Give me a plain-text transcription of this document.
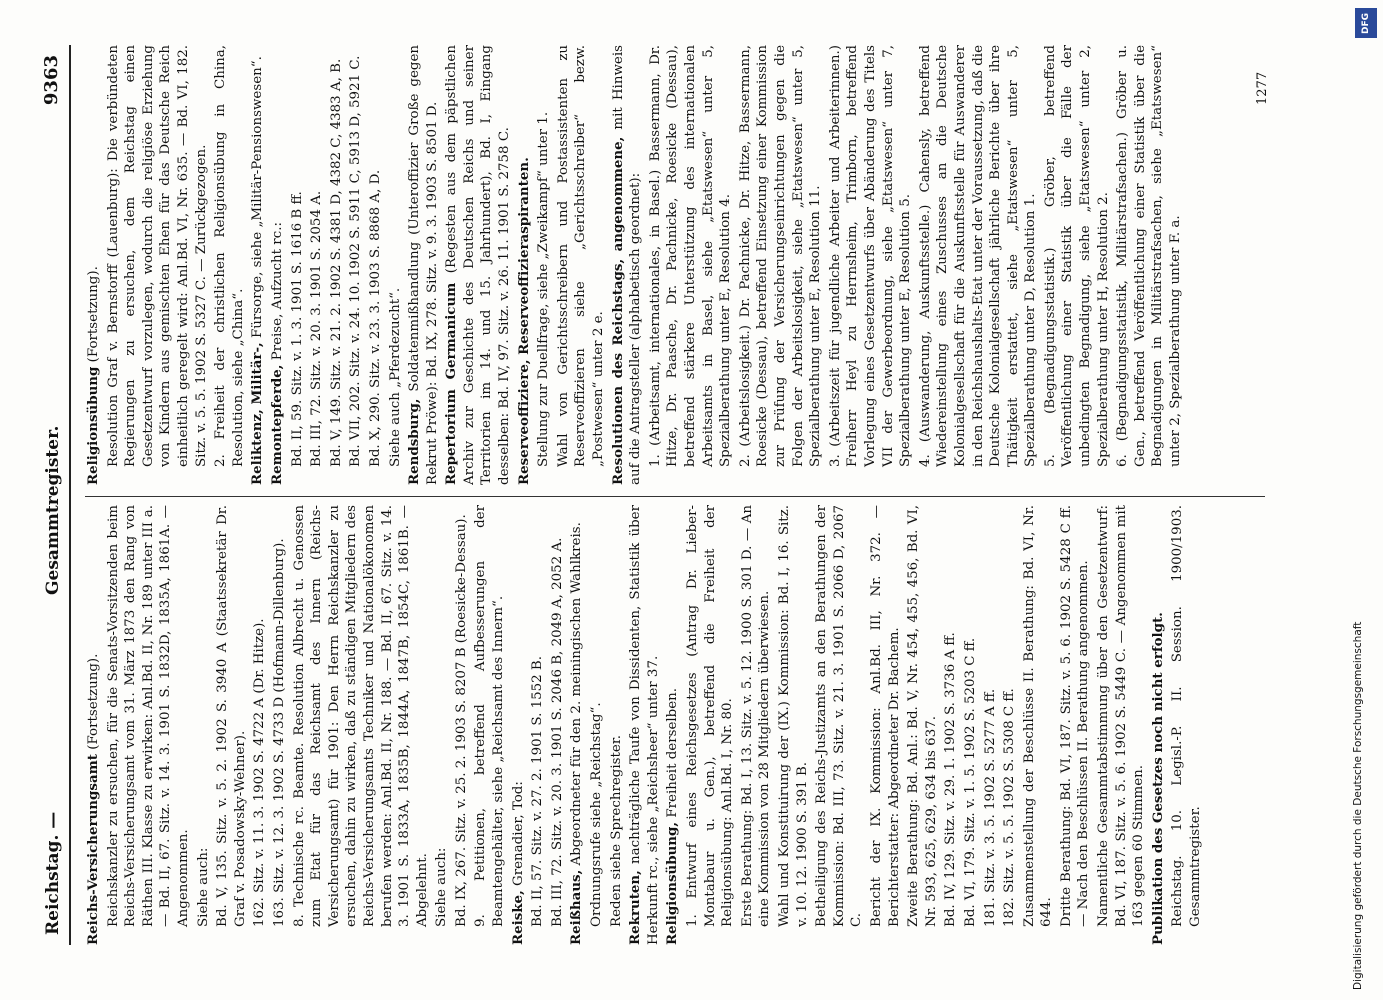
Reichstag. —
Gesammtregister.
9363

Reichs-Versicherungsamt (Fortsetzung). Reichskanzler zu ersuchen, für die Senats-Vorsitzenden beim Reichs-Versicherungsamt vom 31. März 1873 den Rang von Räthen III. Klasse zu erwirken: Anl.Bd. II, Nr. 189 unter III a. — Bd. II, 67. Sitz. v. 14. 3. 1901 S. 1832D, 1835A, 1861A. — Angenommen. Siehe auch: Bd. V, 135. Sitz. v. 5. 2. 1902 S. 3940 A (Staatssekretär Dr. Graf v. Posadowsky-Wehner). 162. Sitz. v. 11. 3. 1902 S. 4722 A (Dr. Hitze). 163. Sitz. v. 12. 3. 1902 S. 4733 D (Hofmann-Dillenburg). 8. Technische rc. Beamte. Resolution Albrecht u. Genossen zum Etat für das Reichsamt des Innern (Reichs-Versicherungsamt) für 1901: Den Herrn Reichskanzler zu ersuchen, dahin zu wirken, daß zu ständigen Mitgliedern des Reichs-Versicherungsamts Techniker und Nationalökonomen berufen werden: Anl.Bd. II, Nr. 188. — Bd. II, 67. Sitz. v. 14. 3. 1901 S. 1833A, 1835B, 1844A, 1847B, 1854C, 1861B. — Abgelehnt. Siehe auch: Bd. IX, 267. Sitz. v. 25. 2. 1903 S. 8207 B (Roesicke-Dessau). 9. Petitionen, betreffend Aufbesserungen der Beamtengehälter, siehe „Reichsamt des Innern“. Reiske, Grenadier, Tod: Bd. II, 57. Sitz. v. 27. 2. 1901 S. 1552 B. Bd. III, 72. Sitz. v. 20. 3. 1901 S. 2046 B, 2049 A, 2052 A. Reißhaus, Abgeordneter für den 2. meiningischen Wahlkreis. Ordnungsrufe siehe „Reichstag“. Reden siehe Sprechregister. Rekruten, nachträgliche Taufe von Dissidenten, Statistik über Herkunft rc., siehe „Reichsheer“ unter 37. Religionsübung, Freiheit derselben. 1. Entwurf eines Reichsgesetzes (Antrag Dr. Lieber-Montabaur u. Gen.), betreffend die Freiheit der Religionsübung: Anl.Bd. I, Nr. 80. Erste Berathung: Bd. I, 13. Sitz. v. 5. 12. 1900 S. 301 D. — An eine Kommission von 28 Mitgliedern überwiesen. Wahl und Konstituirung der (IX.) Kommission: Bd. I, 16. Sitz. v. 10. 12. 1900 S. 391 B. Betheiligung des Reichs-Justizamts an den Berathungen der Kommission: Bd. III, 73. Sitz. v. 21. 3. 1901 S. 2066 D, 2067 C. Bericht der IX. Kommission: Anl.Bd. III, Nr. 372. — Berichterstatter: Abgeordneter Dr. Bachem. Zweite Berathung: Bd. Anl.: Bd. V, Nr. 454, 455, 456, Bd. VI, Nr. 593, 625, 629, 634 bis 637. Bd. IV, 129. Sitz. v. 29. 1. 1902 S. 3736 A ff. Bd. VI, 179. Sitz. v. 1. 5. 1902 S. 5203 C ff. 181. Sitz. v. 3. 5. 1902 S. 5277 A ff. 182. Sitz. v. 5. 5. 1902 S. 5308 C ff. Zusammenstellung der Beschlüsse II. Berathung: Bd. VI, Nr. 644. Dritte Berathung: Bd. VI, 187. Sitz. v. 5. 6. 1902 S. 5428 C ff. — Nach den Beschlüssen II. Berathung angenommen. Namentliche Gesammtabstimmung über den Gesetzentwurf: Bd. VI, 187. Sitz. v. 5. 6. 1902 S. 5449 C. — Angenommen mit 163 gegen 60 Stimmen. Publikation des Gesetzes noch nicht erfolgt. Reichstag. 10. Legisl.-P. II. Session. 1900/1903. Gesammtregister.

Religionsübung (Fortsetzung). Resolution Graf v. Bernstorff (Lauenburg): Die verbündeten Regierungen zu ersuchen, dem Reichstag einen Gesetzentwurf vorzulegen, wodurch die religiöse Erziehung von Kindern aus gemischten Ehen für das Deutsche Reich einheitlich geregelt wird: Anl.Bd. VI, Nr. 635. — Bd. VI, 182. Sitz. v. 5. 5. 1902 S. 5327 C. — Zurückgezogen. 2. Freiheit der christlichen Religionsübung in China, Resolution, siehe „China“. Reliktenz, Militär-, Fürsorge, siehe „Militär-Pensionswesen“.

Remontepferde, Preise, Aufzucht rc.: Bd. II, 59. Sitz. v. 1. 3. 1901 S. 1616 B ff. Bd. III, 72. Sitz. v. 20. 3. 1901 S. 2054 A. Bd. V, 149. Sitz. v. 21. 2. 1902 S. 4381 D, 4382 C, 4383 A, B. Bd. VII, 202. Sitz. v. 24. 10. 1902 S. 5911 C, 5913 D, 5921 C. Bd. X, 290. Sitz. v. 23. 3. 1903 S. 8868 A, D. Siehe auch „Pferdezucht“. Rendsburg, Soldatenmißhandlung (Unteroffizier Große gegen Rekrut Pröwe): Bd. IX, 278. Sitz. v. 9. 3. 1903 S. 8501 D. Repertorium Germanicum (Regesten aus dem päpstlichen Archiv zur Geschichte des Deutschen Reichs und seiner Territorien im 14. und 15. Jahrhundert), Bd. I, Eingang desselben: Bd. IV, 97. Sitz. v. 26. 11. 1901 S. 2758 C. Reserveoffiziere, Reserveoffizieraspiranten. Stellung zur Duellfrage, siehe „Zweikampf“ unter 1. Wahl von Gerichtsschreibern und Postassistenten zu Reserveoffizieren siehe „Gerichtsschreiber“ bezw. „Postwesen“ unter 2 e. Resolutionen des Reichstags, angenommene, mit Hinweis auf die Antragsteller (alphabetisch geordnet): 1. (Arbeitsamt, internationales, in Basel.) Bassermann, Dr. Hitze, Dr. Paasche, Dr. Pachnicke, Roesicke (Dessau), betreffend stärkere Unterstützung des internationalen Arbeitsamts in Basel, siehe „Etatswesen“ unter 5, Spezialberathung unter E, Resolution 4. 2. (Arbeitslosigkeit.) Dr. Pachnicke, Dr. Hitze, Bassermann, Roesicke (Dessau), betreffend Einsetzung einer Kommission zur Prüfung der Versicherungseinrichtungen gegen die Folgen der Arbeitslosigkeit, siehe „Etatswesen“ unter 5, Spezialberathung unter E, Resolution 11. 3. (Arbeitszeit für jugendliche Arbeiter und Arbeiterinnen.) Freiherr Heyl zu Herrnsheim, Trimborn, betreffend Vorlegung eines Gesetzentwurfs über Abänderung des Titels VII der Gewerbeordnung, siehe „Etatswesen“ unter 7, Spezialberathung unter E, Resolution 5. 4. (Auswanderung, Auskunftsstelle.) Cahensly, betreffend Wiedereinstellung eines Zuschusses an die Deutsche Kolonialgesellschaft für die Auskunftsstelle für Auswanderer in den Reichshaushalts-Etat unter der Voraussetzung, daß die Deutsche Kolonialgesellschaft jährliche Berichte über ihre Thätigkeit erstattet, siehe „Etatswesen“ unter 5, Spezialberathung unter D, Resolution 1. 5. (Begnadigungsstatistik.) Gröber, betreffend Veröffentlichung einer Statistik über die Fälle der unbedingten Begnadigung, siehe „Etatswesen“ unter 2, Spezialberathung unter H, Resolution 2. 6. (Begnadigungsstatistik, Militärstrafsachen.) Gröber u. Gen., betreffend Veröffentlichung einer Statistik über die Begnadigungen in Militärstrafsachen, siehe „Etatswesen“ unter 2, Spezialberathung unter F. a.

1277
DFG
Digitalisierung gefördert durch die Deutsche Forschungsgemeinschaft
